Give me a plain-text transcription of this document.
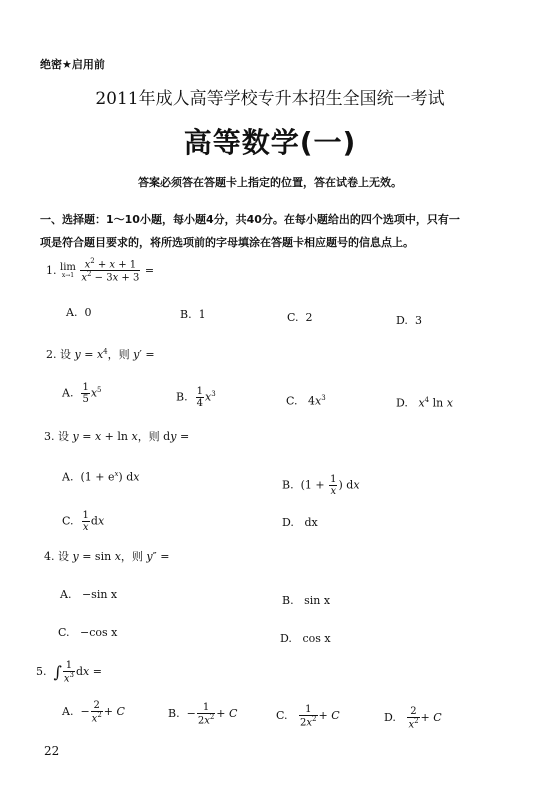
绝密★启用前
2011年成人高等学校专升本招生全国统一考试
高等数学(一)
答案必须答在答题卡上指定的位置，答在试卷上无效。
一、选择题：1～10小题，每小题4分，共40分。在每小题给出的四个选项中，只有一
项是符合题目要求的，将所选项前的字母填涂在答题卡相应题号的信息点上。
1. lim
x→1
$\frac{x^2 + x + 1}{x^2 - 3x + 3}$ =
A. 0	B. 1	C. 2	D. 3
2. 设 $y = x^4$，则 y′ =
A. $\frac{1}{5} x^5$
B. $\frac{1}{4} x^3$
C.   $4x^3$	D. $x^4$ ln x
3. 设 y = x + ln x，则 dy =
A.  $(1 + e^x)$ dx
B.  ($1 + \frac{1}{x}$ ) dx
C. $\frac{1}{x}$ dx	D. dx
4. 设 y = sin x，则 y″ =
A. −sin x	B. sin x
C. −cos x	D. cos x
5. ∫ $\frac{1}{x^3}$ dx =
A.  − $\frac{2}{x^2} + C$	B.  − $\frac{1}{2x^2} + C$	C. $\frac{1}{2x^2} + C$	D. $\frac{2}{x^2} + C$
22
